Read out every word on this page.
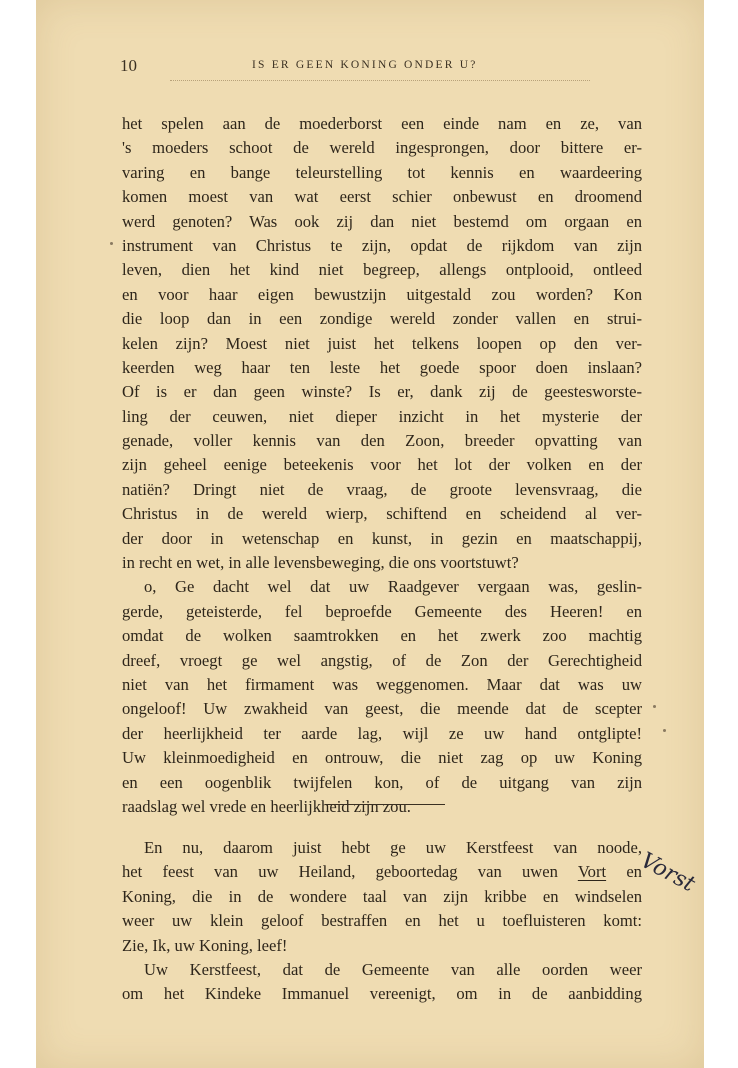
10	IS ER GEEN KONING ONDER U?
het spelen aan de moederborst een einde nam en ze, van
's moeders schoot de wereld ingesprongen, door bittere er-
varing en bange teleurstelling tot kennis en waardeering
komen moest van wat eerst schier onbewust en droomend
werd genoten? Was ook zij dan niet bestemd om orgaan en
instrument van Christus te zijn, opdat de rijkdom van zijn
leven, dien het kind niet begreep, allengs ontplooid, ontleed
en voor haar eigen bewustzijn uitgestald zou worden? Kon
die loop dan in een zondige wereld zonder vallen en strui-
kelen zijn? Moest niet juist het telkens loopen op den ver-
keerden weg haar ten leste het goede spoor doen inslaan?
Of is er dan geen winste? Is er, dank zij de geestesworste-
ling der ceuwen, niet dieper inzicht in het mysterie der
genade, voller kennis van den Zoon, breeder opvatting van
zijn geheel eenige beteekenis voor het lot der volken en der
natiën? Dringt niet de vraag, de groote levensvraag, die
Christus in de wereld wierp, schiftend en scheidend al ver-
der door in wetenschap en kunst, in gezin en maatschappij,
in recht en wet, in alle levensbeweging, die ons voortstuwt?
o, Ge dacht wel dat uw Raadgever vergaan was, geslin-
gerde, geteisterde, fel beproefde Gemeente des Heeren! en
omdat de wolken saamtrokken en het zwerk zoo machtig
dreef, vroegt ge wel angstig, of de Zon der Gerechtigheid
niet van het firmament was weggenomen. Maar dat was uw
ongeloof! Uw zwakheid van geest, die meende dat de scepter
der heerlijkheid ter aarde lag, wijl ze uw hand ontglipte!
Uw kleinmoedigheid en ontrouw, die niet zag op uw Koning
en een oogenblik twijfelen kon, of de uitgang van zijn
raadslag wel vrede en heerlijkheid zijn zou.
En nu, daarom juist hebt ge uw Kerstfeest van noode,
het feest van uw Heiland, geboortedag van uwen Vort en
Koning, die in de wondere taal van zijn kribbe en windselen
weer uw klein geloof bestraffen en het u toefluisteren komt:
Zie, Ik, uw Koning, leef!
Uw Kerstfeest, dat de Gemeente van alle oorden weer
om het Kindeke Immanuel vereenigt, om in de aanbidding
Vorst
